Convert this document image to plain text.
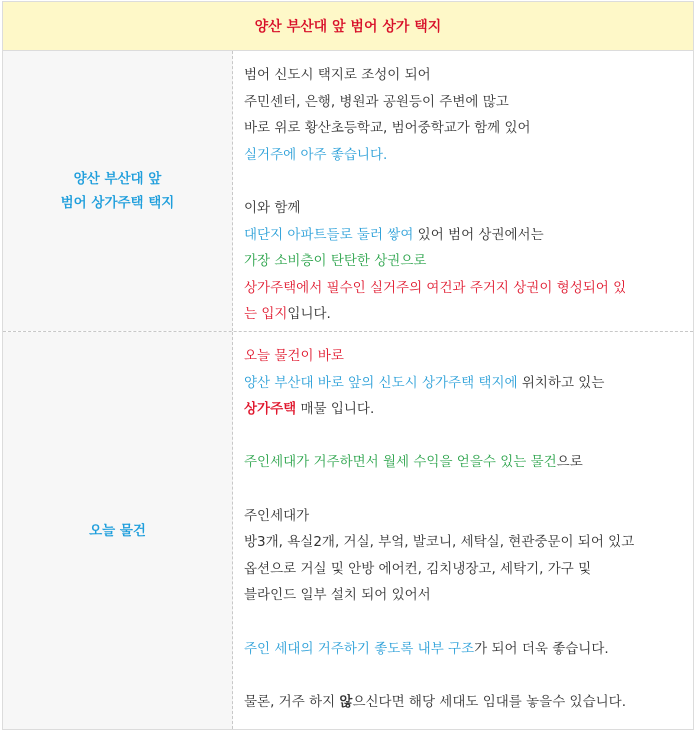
양산 부산대 앞 범어 상가 택지
양산 부산대 앞
범어 상가주택 택지
범어 신도시 택지로 조성이 되어
주민센터, 은행, 병원과 공원등이 주변에 많고
바로 위로 황산초등학교, 범어중학교가 함께 있어
실거주에 아주 좋습니다.
이와 함께
대단지 아파트들로 둘러 쌓여 있어 범어 상권에서는
가장 소비층이 탄탄한 상권으로
상가주택에서 필수인 실거주의 여건과 주거지 상권이 형성되어 있
는 입지입니다.
오늘 물건
오늘 물건이 바로
양산 부산대 바로 앞의 신도시 상가주택 택지에 위치하고 있는
상가주택 매물 입니다.
주인세대가 거주하면서 월세 수익을 얻을수 있는 물건으로
주인세대가
방3개, 욕실2개, 거실, 부엌, 발코니, 세탁실, 현관중문이 되어 있고
옵션으로 거실 및 안방 에어컨, 김치냉장고, 세탁기, 가구 및
블라인드 일부 설치 되어 있어서
주인 세대의 거주하기 좋도록 내부 구조가 되어 더욱 좋습니다.
물론, 거주 하지 않으신다면 해당 세대도 임대를 놓을수 있습니다.
